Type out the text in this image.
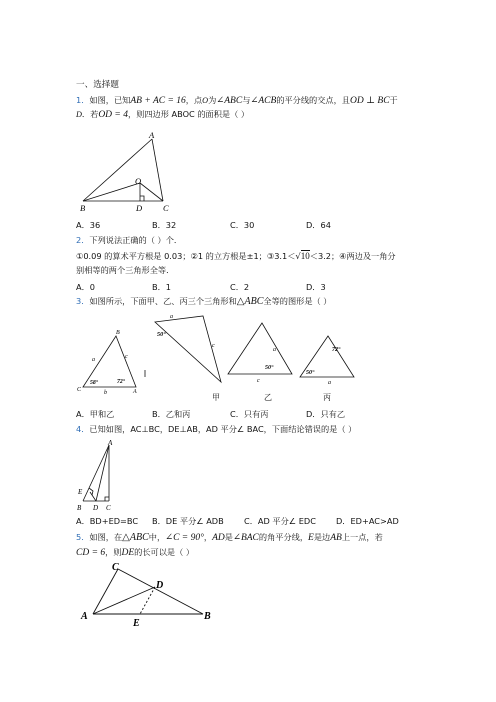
一、选择题
1．如图，已知AB + AC = 16，点O为∠ABC与∠ACB的平分线的交点，且OD ⊥ BC于
D．若OD = 4，则四边形 ABOC 的面积是（ ）
A
O
B	D C
A．36	B．32	C．30	D．64
2．下列说法正确的（ ）个．
①0.09 的算术平方根是 0.03；②1 的立方根是±1；③3.1＜√10＜3.2；④两边及一角分
别相等的两个三角形全等．
A．0	B．1	C．2	D．3
3．如图所示，下面甲、乙、丙三个三角形和△ABC全等的图形是（ ）
B
a	c
58°	72°
C	b	A
a
50°
c
a
50°
c
72°
50°
a
甲	乙	丙
A．甲和乙	B．乙和丙	C．只有丙	D．只有乙
4．已知如图，AC⊥BC，DE⊥AB，AD 平分∠ BAC，下面结论错误的是（ ）
A
E
B D C
A．BD+ED=BC B．DE 平分∠ ADB C．AD 平分∠ EDC D．ED+AC>AD
5．如图，在△ABC中，∠C = 90°，AD是∠BAC的角平分线，E是边AB上一点，若
CD = 6，则DE的长可以是（ ）
C
D
A
E
B
